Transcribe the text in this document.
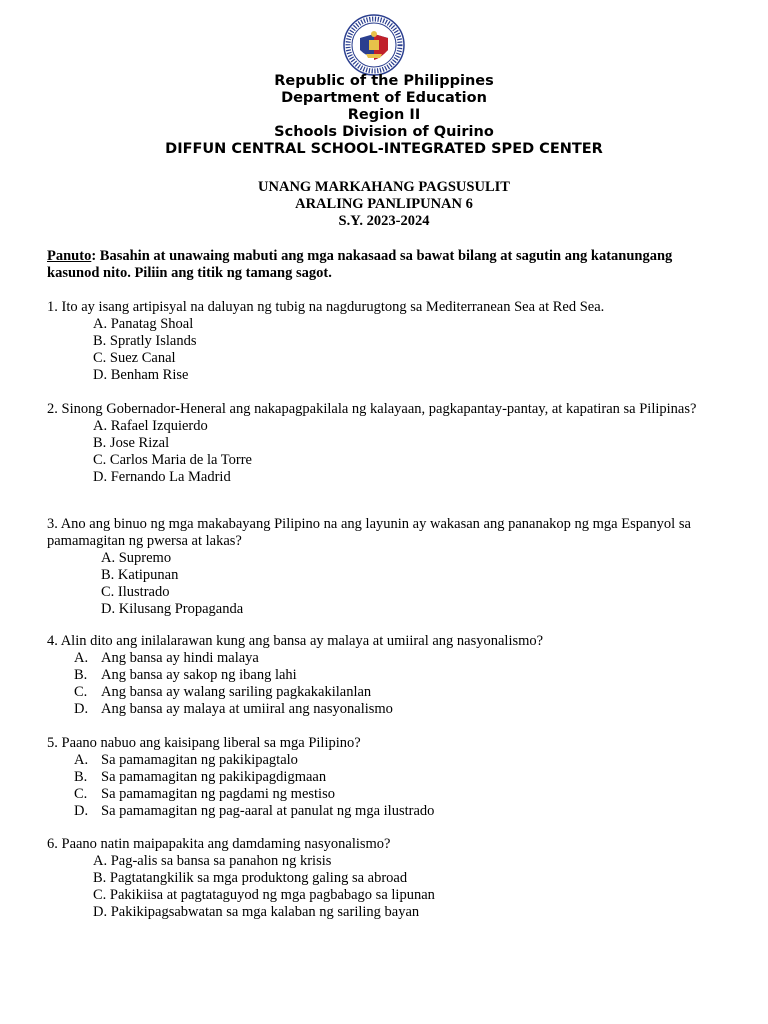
Republic of the Philippines
Department of Education
Region II
Schools Division of Quirino
DIFFUN CENTRAL SCHOOL-INTEGRATED SPED CENTER
UNANG MARKAHANG PAGSUSULIT
ARALING PANLIPUNAN 6
S.Y. 2023-2024
Panuto: Basahin at unawaing mabuti ang mga nakasaad sa bawat bilang at sagutin ang katanungang kasunod nito. Piliin ang titik ng tamang sagot.
1. Ito ay isang artipisyal na daluyan ng tubig na nagdurugtong sa Mediterranean Sea at Red Sea.
A. Panatag Shoal
B. Spratly Islands
C. Suez Canal
D. Benham Rise
2. Sinong Gobernador-Heneral ang nakapagpakilala ng kalayaan, pagkapantay-pantay, at kapatiran sa Pilipinas?
A. Rafael Izquierdo
B. Jose Rizal
C. Carlos Maria de la Torre
D. Fernando La Madrid
3. Ano ang binuo ng mga makabayang Pilipino na ang layunin ay wakasan ang pananakop ng mga Espanyol sa pamamagitan ng pwersa at lakas?
A. Supremo
B. Katipunan
C. Ilustrado
D. Kilusang Propaganda
4. Alin dito ang inilalarawan kung ang bansa ay malaya at umiiral ang nasyonalismo?
A. Ang bansa ay hindi malaya
B. Ang bansa ay sakop ng ibang lahi
C. Ang bansa ay walang sariling pagkakakilanlan
D. Ang bansa ay malaya at umiiral ang nasyonalismo
5. Paano nabuo ang kaisipang liberal sa mga Pilipino?
A. Sa pamamagitan ng pakikipagtalo
B. Sa pamamagitan ng pakikipagdigmaan
C. Sa pamamagitan ng pagdami ng mestiso
D. Sa pamamagitan ng pag-aaral at panulat ng mga ilustrado
6. Paano natin maipapakita ang damdaming nasyonalismo?
A. Pag-alis sa bansa sa panahon ng krisis
B. Pagtatangkilik sa mga produktong galing sa abroad
C. Pakikiisa at pagtataguyod ng mga pagbabago sa lipunan
D. Pakikipagsabwatan sa mga kalaban ng sariling bayan
